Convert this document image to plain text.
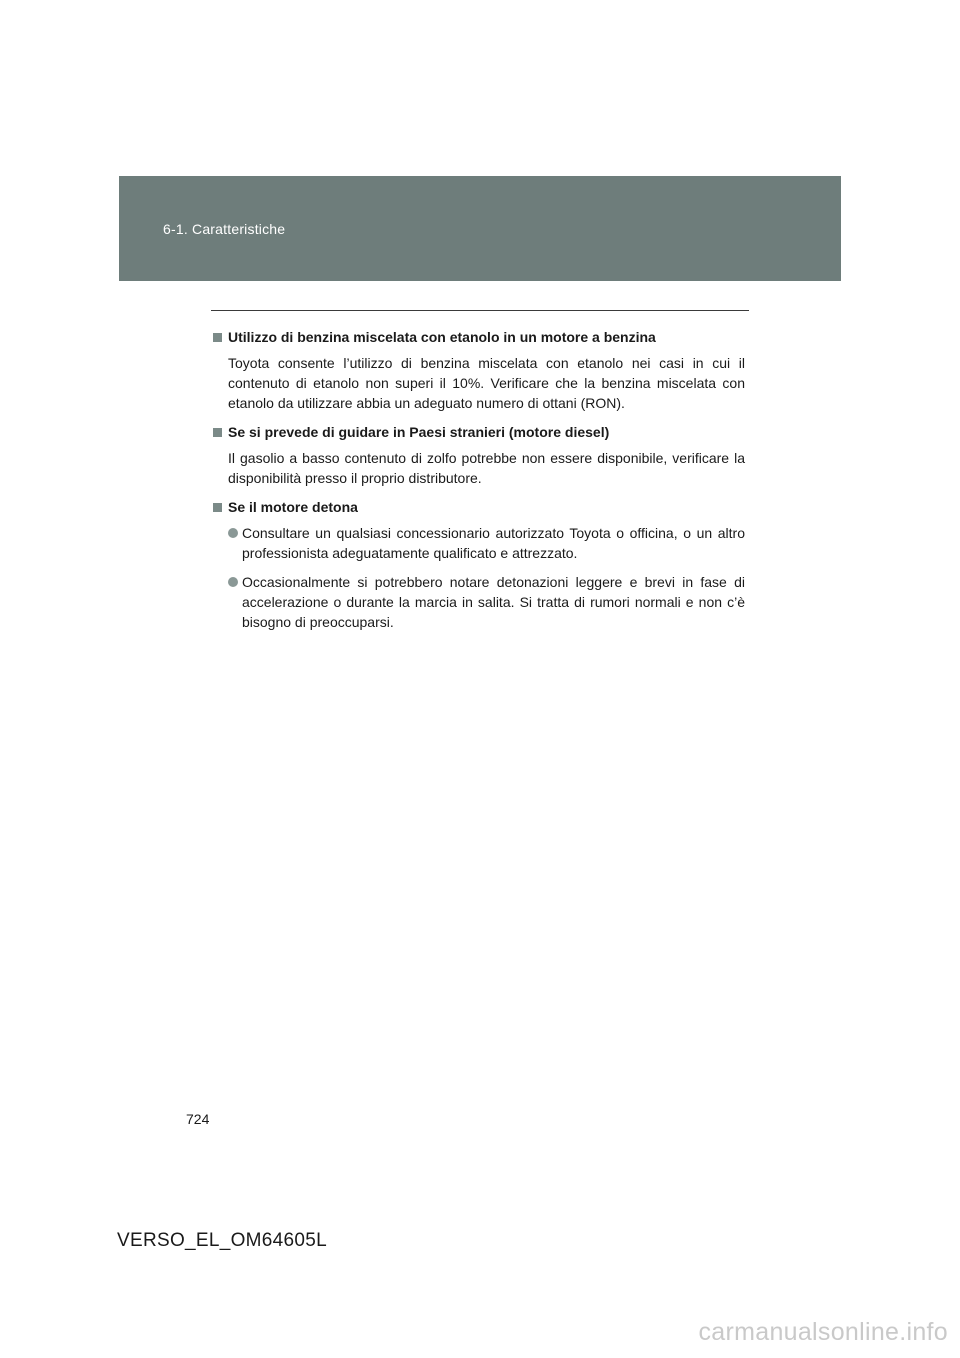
6-1. Caratteristiche
Utilizzo di benzina miscelata con etanolo in un motore a benzina

Toyota consente l’utilizzo di benzina miscelata con etanolo nei casi in cui il contenuto di etanolo non superi il 10%. Verificare che la benzina miscelata con etanolo da utilizzare abbia un adeguato numero di ottani (RON).

Se si prevede di guidare in Paesi stranieri (motore diesel)

Il gasolio a basso contenuto di zolfo potrebbe non essere disponibile, verificare la disponibilità presso il proprio distributore.

Se il motore detona
Consultare un qualsiasi concessionario autorizzato Toyota o officina, o un altro professionista adeguatamente qualificato e attrezzato.
Occasionalmente si potrebbero notare detonazioni leggere e brevi in fase di accelerazione o durante la marcia in salita. Si tratta di rumori normali e non c’è bisogno di preoccuparsi.
724
VERSO_EL_OM64605L
carmanualsonline.info
